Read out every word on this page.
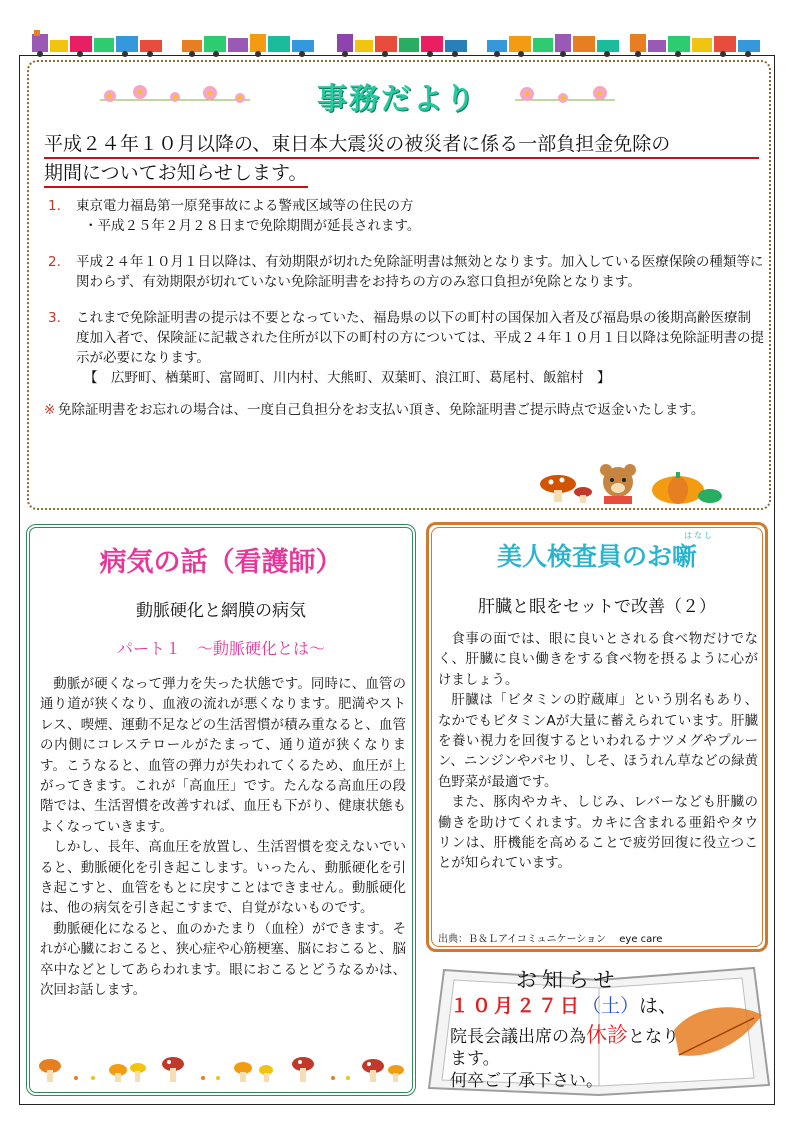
事務だより
平成２４年１０月以降の、東日本大震災の被災者に係る一部負担金免除の
期間についてお知らせします。
1. 東京電力福島第一原発事故による警戒区域等の住民の方
・平成２５年２月２８日まで免除期間が延長されます。
2. 平成２４年１０月１日以降は、有効期限が切れた免除証明書は無効となります。加入している医療保険の種類等に関わらず、有効期限が切れていない免除証明書をお持ちの方のみ窓口負担が免除となります。
3. これまで免除証明書の提示は不要となっていた、福島県の以下の町村の国保加入者及び福島県の後期高齢医療制度加入者で、保険証に記載された住所が以下の町村の方については、平成２４年１０月１日以降は免除証明書の提示が必要になります。
【　広野町、楢葉町、富岡町、川内村、大熊町、双葉町、浪江町、葛尾村、飯舘村　】
※ 免除証明書をお忘れの場合は、一度自己負担分をお支払い頂き、免除証明書ご提示時点で返金いたします。
病気の話（看護師）
動脈硬化と網膜の病気
パート１　～動脈硬化とは～

動脈が硬くなって弾力を失った状態です。同時に、血管の通り道が狭くなり、血液の流れが悪くなります。肥満やストレス、喫煙、運動不足などの生活習慣が積み重なると、血管の内側にコレステロールがたまって、通り道が狭くなります。こうなると、血管の弾力が失われてくるため、血圧が上がってきます。これが「高血圧」です。たんなる高血圧の段階では、生活習慣を改善すれば、血圧も下がり、健康状態もよくなっていきます。

しかし、長年、高血圧を放置し、生活習慣を変えないでいると、動脈硬化を引き起こします。いったん、動脈硬化を引き起こすと、血管をもとに戻すことはできません。動脈硬化は、他の病気を引き起こすまで、自覚がないものです。

動脈硬化になると、血のかたまり（血栓）ができます。それが心臓におこると、狭心症や心筋梗塞、脳におこると、脳卒中などとしてあらわれます。眼におこるとどうなるかは、次回お話します。

はなし
美人検査員のお噺
肝臓と眼をセットで改善（２）

食事の面では、眼に良いとされる食べ物だけでなく、肝臓に良い働きをする食べ物を摂るように心がけましょう。

肝臓は「ビタミンの貯蔵庫」という別名もあり、なかでもビタミンAが大量に蓄えられています。肝臓を養い視力を回復するといわれるナツメグやプルーン、ニンジンやパセリ、しそ、ほうれん草などの緑黄色野菜が最適です。

また、豚肉やカキ、しじみ、レバーなども肝臓の働きを助けてくれます。カキに含まれる亜鉛やタウリンは、肝機能を高めることで疲労回復に役立つことが知られています。

出典：Ｂ＆Ｌアイコミュニケーション　 eye care
お知らせ
１０月２７日（土）は、
院長会議出席の為休診となり
ます。
何卒ご了承下さい。
